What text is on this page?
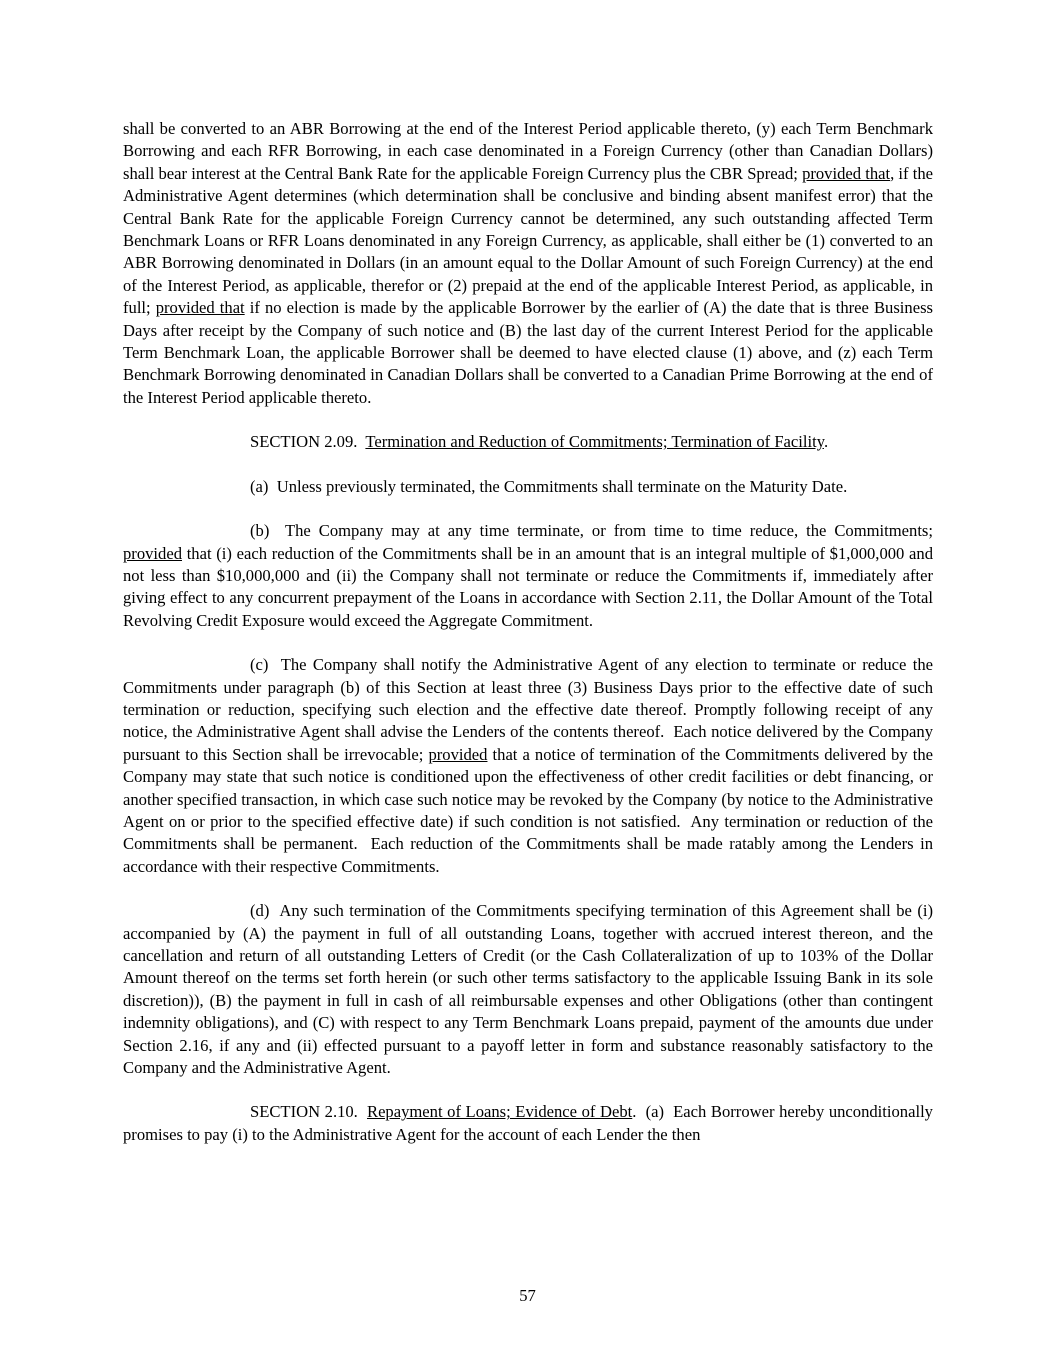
shall be converted to an ABR Borrowing at the end of the Interest Period applicable thereto, (y) each Term Benchmark Borrowing and each RFR Borrowing, in each case denominated in a Foreign Currency (other than Canadian Dollars) shall bear interest at the Central Bank Rate for the applicable Foreign Currency plus the CBR Spread; provided that, if the Administrative Agent determines (which determination shall be conclusive and binding absent manifest error) that the Central Bank Rate for the applicable Foreign Currency cannot be determined, any such outstanding affected Term Benchmark Loans or RFR Loans denominated in any Foreign Currency, as applicable, shall either be (1) converted to an ABR Borrowing denominated in Dollars (in an amount equal to the Dollar Amount of such Foreign Currency) at the end of the Interest Period, as applicable, therefor or (2) prepaid at the end of the applicable Interest Period, as applicable, in full; provided that if no election is made by the applicable Borrower by the earlier of (A) the date that is three Business Days after receipt by the Company of such notice and (B) the last day of the current Interest Period for the applicable Term Benchmark Loan, the applicable Borrower shall be deemed to have elected clause (1) above, and (z) each Term Benchmark Borrowing denominated in Canadian Dollars shall be converted to a Canadian Prime Borrowing at the end of the Interest Period applicable thereto.

SECTION 2.09.  Termination and Reduction of Commitments; Termination of Facility.

(a)  Unless previously terminated, the Commitments shall terminate on the Maturity Date.

(b)  The Company may at any time terminate, or from time to time reduce, the Commitments; provided that (i) each reduction of the Commitments shall be in an amount that is an integral multiple of $1,000,000 and not less than $10,000,000 and (ii) the Company shall not terminate or reduce the Commitments if, immediately after giving effect to any concurrent prepayment of the Loans in accordance with Section 2.11, the Dollar Amount of the Total Revolving Credit Exposure would exceed the Aggregate Commitment.

(c)  The Company shall notify the Administrative Agent of any election to terminate or reduce the Commitments under paragraph (b) of this Section at least three (3) Business Days prior to the effective date of such termination or reduction, specifying such election and the effective date thereof. Promptly following receipt of any notice, the Administrative Agent shall advise the Lenders of the contents thereof.  Each notice delivered by the Company pursuant to this Section shall be irrevocable; provided that a notice of termination of the Commitments delivered by the Company may state that such notice is conditioned upon the effectiveness of other credit facilities or debt financing, or another specified transaction, in which case such notice may be revoked by the Company (by notice to the Administrative Agent on or prior to the specified effective date) if such condition is not satisfied.  Any termination or reduction of the Commitments shall be permanent.  Each reduction of the Commitments shall be made ratably among the Lenders in accordance with their respective Commitments.

(d)  Any such termination of the Commitments specifying termination of this Agreement shall be (i) accompanied by (A) the payment in full of all outstanding Loans, together with accrued interest thereon, and the cancellation and return of all outstanding Letters of Credit (or the Cash Collateralization of up to 103% of the Dollar Amount thereof on the terms set forth herein (or such other terms satisfactory to the applicable Issuing Bank in its sole discretion)), (B) the payment in full in cash of all reimbursable expenses and other Obligations (other than contingent indemnity obligations), and (C) with respect to any Term Benchmark Loans prepaid, payment of the amounts due under Section 2.16, if any and (ii) effected pursuant to a payoff letter in form and substance reasonably satisfactory to the Company and the Administrative Agent.

SECTION 2.10.  Repayment of Loans; Evidence of Debt.  (a)  Each Borrower hereby unconditionally promises to pay (i) to the Administrative Agent for the account of each Lender the then

57
